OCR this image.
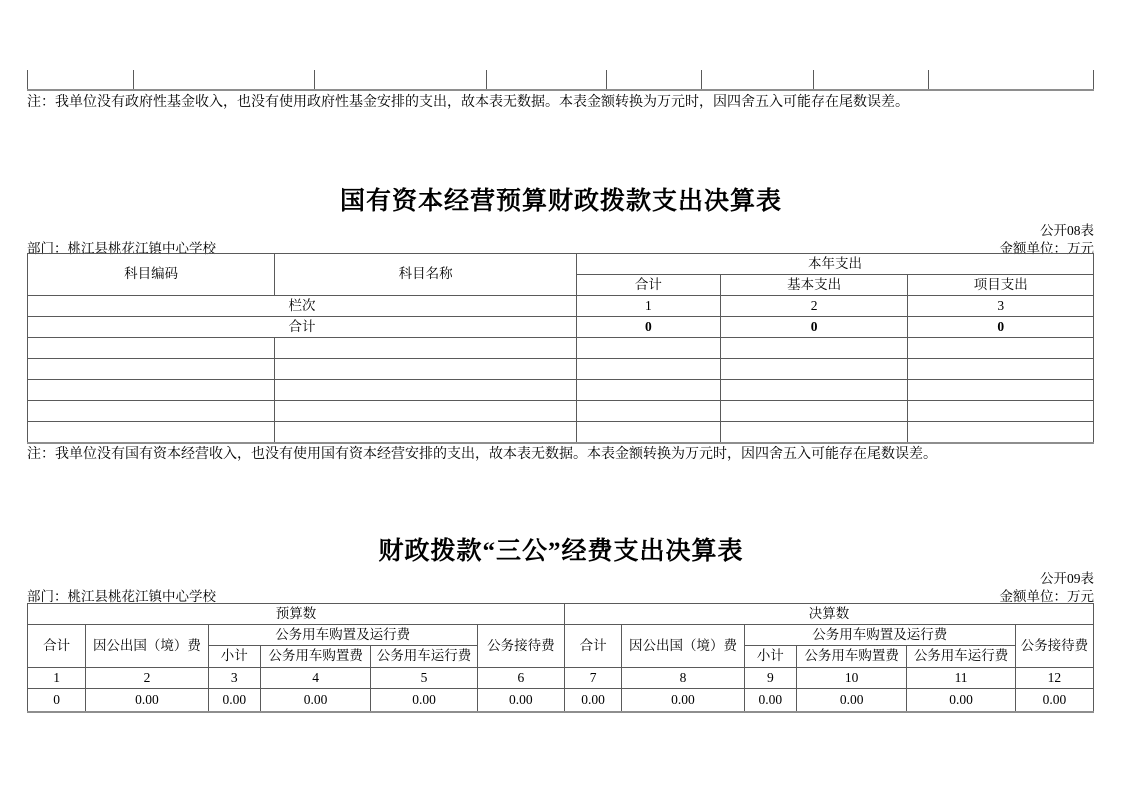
注：我单位没有政府性基金收入，也没有使用政府性基金安排的支出，故本表无数据。本表金额转换为万元时，因四舍五入可能存在尾数误差。
国有资本经营预算财政拨款支出决算表
公开08表
部门：桃江县桃花江镇中心学校	金额单位：万元
科目编码	科目名称	本年支出		
		合计	基本支出	项目支出
栏次		1	2	3
合计		0	0	0

注：我单位没有国有资本经营收入，也没有使用国有资本经营安排的支出，故本表无数据。本表金额转换为万元时，因四舍五入可能存在尾数误差。
财政拨款“三公”经费支出决算表
公开09表
部门：桃江县桃花江镇中心学校	金额单位：万元
预算数						决算数					
合计	因公出国（境）费	公务用车购置及运行费			公务接待费	合计	因公出国（境）费	公务用车购置及运行费			公务接待费
		小计	公务用车购置费	公务用车运行费				小计	公务用车购置费	公务用车运行费	
1	2	3	4	5	6	7	8	9	10	11	12
0	0.00	0.00	0.00	0.00	0.00	0.00	0.00	0.00	0.00	0.00	0.00
